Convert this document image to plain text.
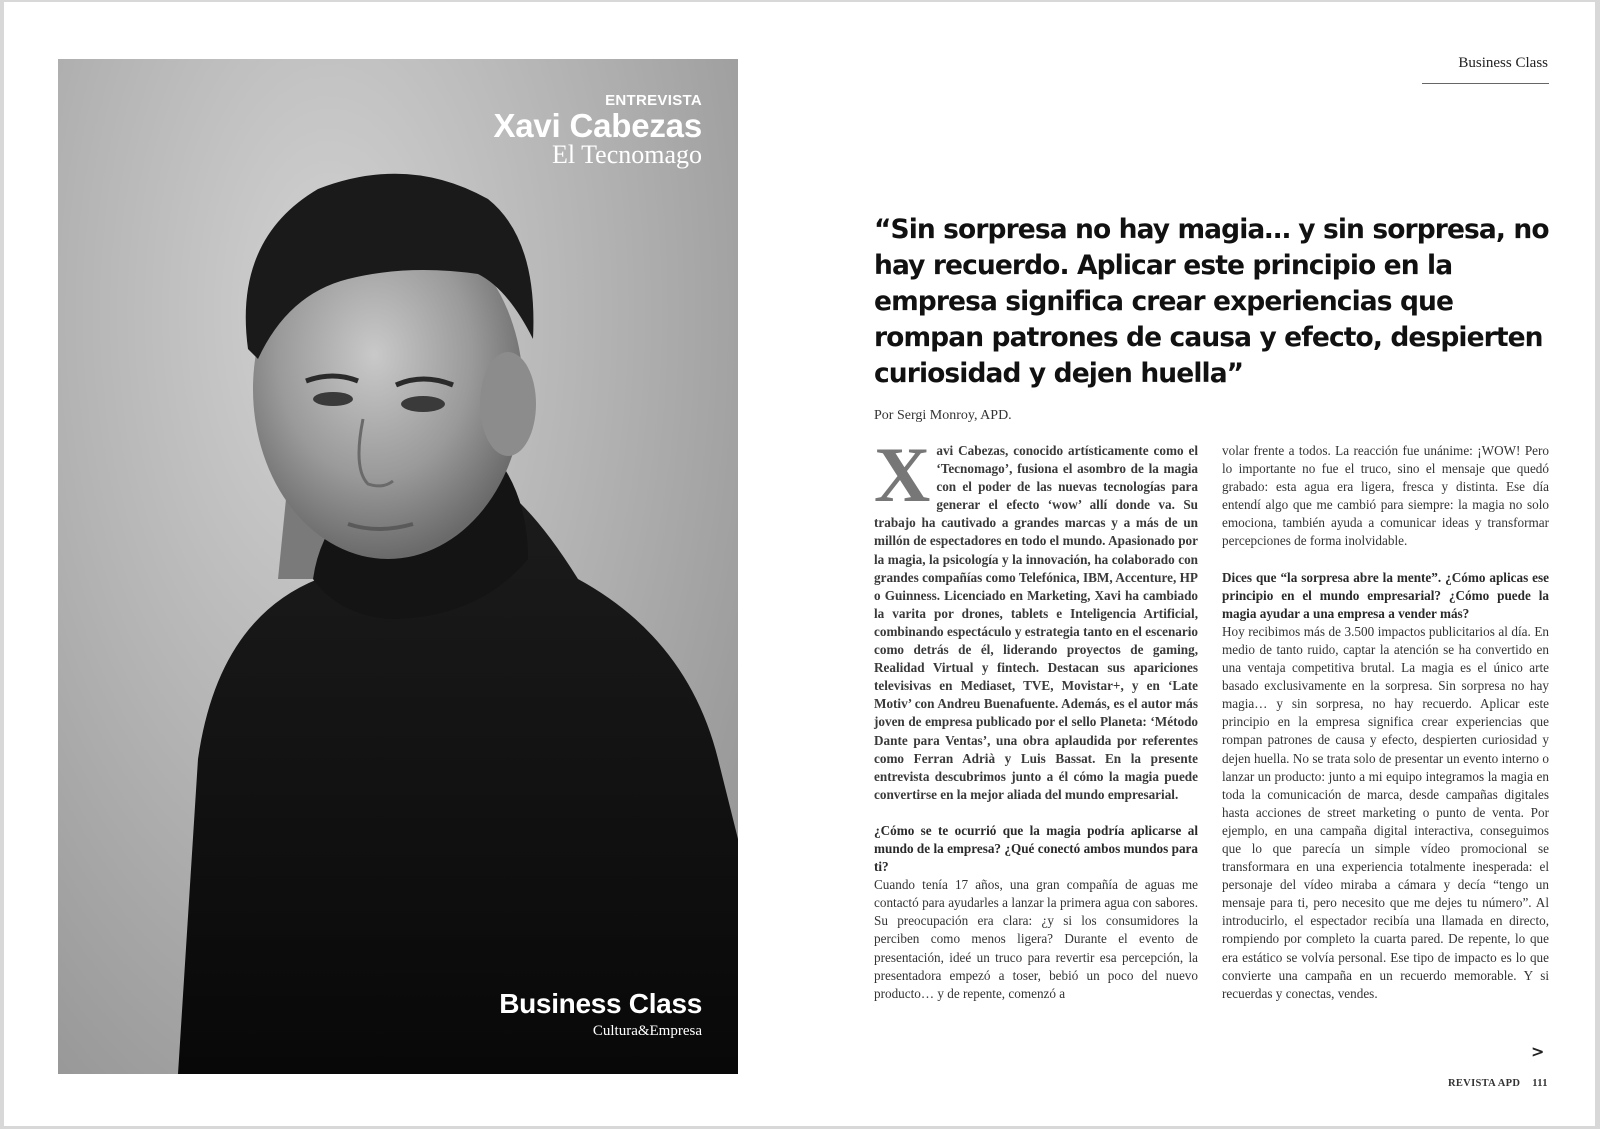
ENTREVISTA
Xavi Cabezas
El Tecnomago
Business Class
Cultura&Empresa
Business Class
“Sin sorpresa no hay magia… y sin sorpresa, no hay recuerdo. Aplicar este principio en la empresa significa crear experiencias que rompan patrones de causa y efecto, despierten curiosidad y dejen huella”
Por Sergi Monroy, APD.

Xavi Cabezas, conocido artísticamente como el ‘Tecnomago’, fusiona el asombro de la magia con el poder de las nuevas tecnologías para generar el efecto ‘wow’ allí donde va. Su trabajo ha cautivado a grandes marcas y a más de un millón de espectadores en todo el mundo. Apasionado por la magia, la psicología y la innovación, ha colaborado con grandes compañías como Telefónica, IBM, Accenture, HP o Guinness. Licenciado en Marketing, Xavi ha cambiado la varita por drones, tablets e Inteligencia Artificial, combinando espectáculo y estrategia tanto en el escenario como detrás de él, liderando proyectos de gaming, Realidad Virtual y fintech. Destacan sus apariciones televisivas en Mediaset, TVE, Movistar+, y en ‘Late Motiv’ con Andreu Buenafuente. Además, es el autor más joven de empresa publicado por el sello Planeta: ‘Método Dante para Ventas’, una obra aplaudida por referentes como Ferran Adrià y Luis Bassat. En la presente entrevista descubrimos junto a él cómo la magia puede convertirse en la mejor aliada del mundo empresarial.

¿Cómo se te ocurrió que la magia podría aplicarse al mundo de la empresa? ¿Qué conectó ambos mundos para ti?

Cuando tenía 17 años, una gran compañía de aguas me contactó para ayudarles a lanzar la primera agua con sabores. Su preocupación era clara: ¿y si los consumidores la perciben como menos ligera? Durante el evento de presentación, ideé un truco para revertir esa percepción, la presentadora empezó a toser, bebió un poco del nuevo producto… y de repente, comenzó a

volar frente a todos. La reacción fue unánime: ¡WOW! Pero lo importante no fue el truco, sino el mensaje que quedó grabado: esta agua era ligera, fresca y distinta. Ese día entendí algo que me cambió para siempre: la magia no solo emociona, también ayuda a comunicar ideas y transformar percepciones de forma inolvidable.

Dices que “la sorpresa abre la mente”. ¿Cómo aplicas ese principio en el mundo empresarial? ¿Cómo puede la magia ayudar a una empresa a vender más?

Hoy recibimos más de 3.500 impactos publicitarios al día. En medio de tanto ruido, captar la atención se ha convertido en una ventaja competitiva brutal. La magia es el único arte basado exclusivamente en la sorpresa. Sin sorpresa no hay magia… y sin sorpresa, no hay recuerdo. Aplicar este principio en la empresa significa crear experiencias que rompan patrones de causa y efecto, despierten curiosidad y dejen huella. No se trata solo de presentar un evento interno o lanzar un producto: junto a mi equipo integramos la magia en toda la comunicación de marca, desde campañas digitales hasta acciones de street marketing o punto de venta. Por ejemplo, en una campaña digital interactiva, conseguimos que lo que parecía un simple vídeo promocional se transformara en una experiencia totalmente inesperada: el personaje del vídeo miraba a cámara y decía “tengo un mensaje para ti, pero necesito que me dejes tu número”. Al introducirlo, el espectador recibía una llamada en directo, rompiendo por completo la cuarta pared. De repente, lo que era estático se volvía personal. Ese tipo de impacto es lo que convierte una campaña en un recuerdo memorable. Y si recuerdas y conectas, vendes.

>
REVISTA APD 111
